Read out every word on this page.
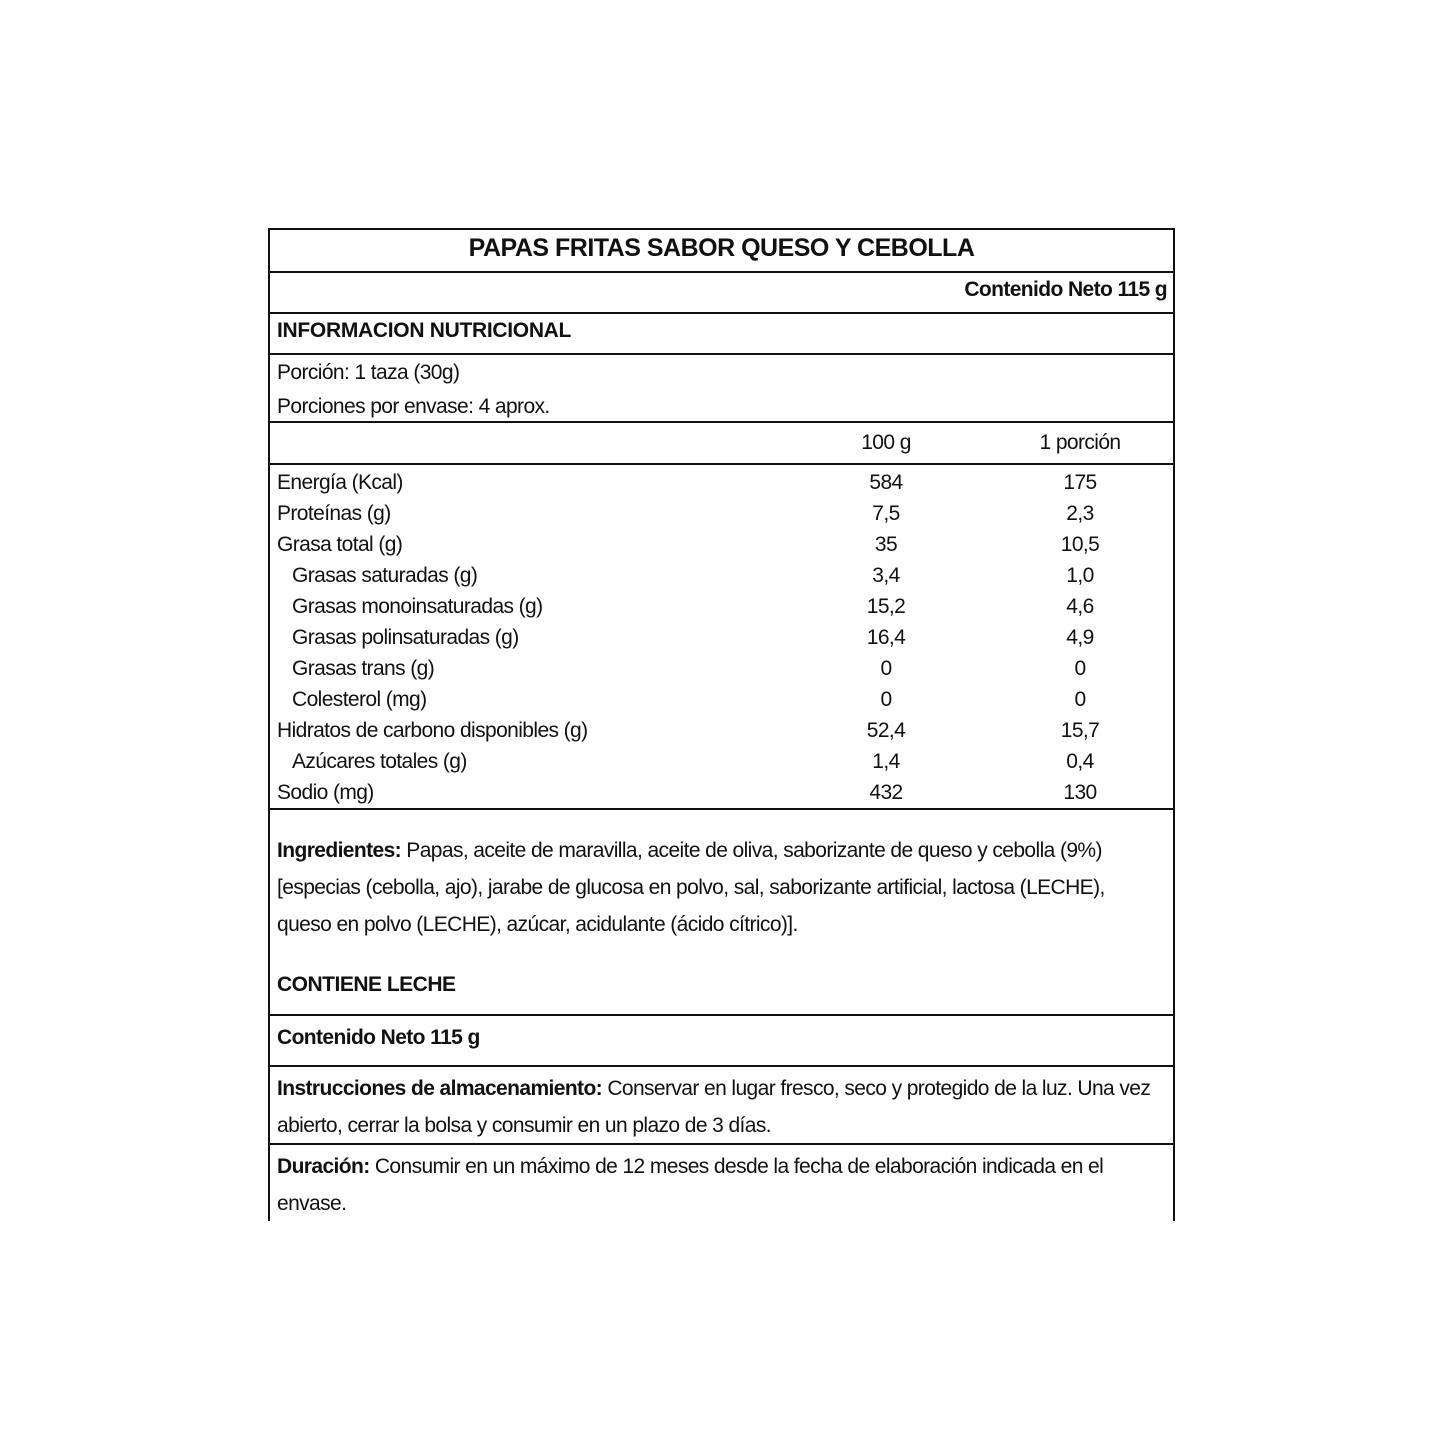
PAPAS FRITAS SABOR QUESO Y CEBOLLA
Contenido Neto 115 g
INFORMACION NUTRICIONAL
Porción: 1 taza (30g)
Porciones por envase: 4 aprox.
100 g	1 porción
Energía (Kcal)	584	175
Proteínas (g)	7,5	2,3
Grasa total (g)	35	10,5
Grasas saturadas (g)	3,4	1,0
Grasas monoinsaturadas (g)	15,2	4,6
Grasas polinsaturadas (g)	16,4	4,9
Grasas trans (g)	0	0
Colesterol (mg)	0	0
Hidratos de carbono disponibles (g)	52,4	15,7
Azúcares totales (g)	1,4	0,4
Sodio (mg)	432	130
Ingredientes: Papas, aceite de maravilla, aceite de oliva, saborizante de queso y cebolla (9%) [especias (cebolla, ajo), jarabe de glucosa en polvo, sal, saborizante artificial, lactosa (LECHE), queso en polvo (LECHE), azúcar, acidulante (ácido cítrico)].
CONTIENE LECHE
Contenido Neto 115 g
Instrucciones de almacenamiento: Conservar en lugar fresco, seco y protegido de la luz. Una vez abierto, cerrar la bolsa y consumir en un plazo de 3 días.
Duración: Consumir en un máximo de 12 meses desde la fecha de elaboración indicada en el envase.
